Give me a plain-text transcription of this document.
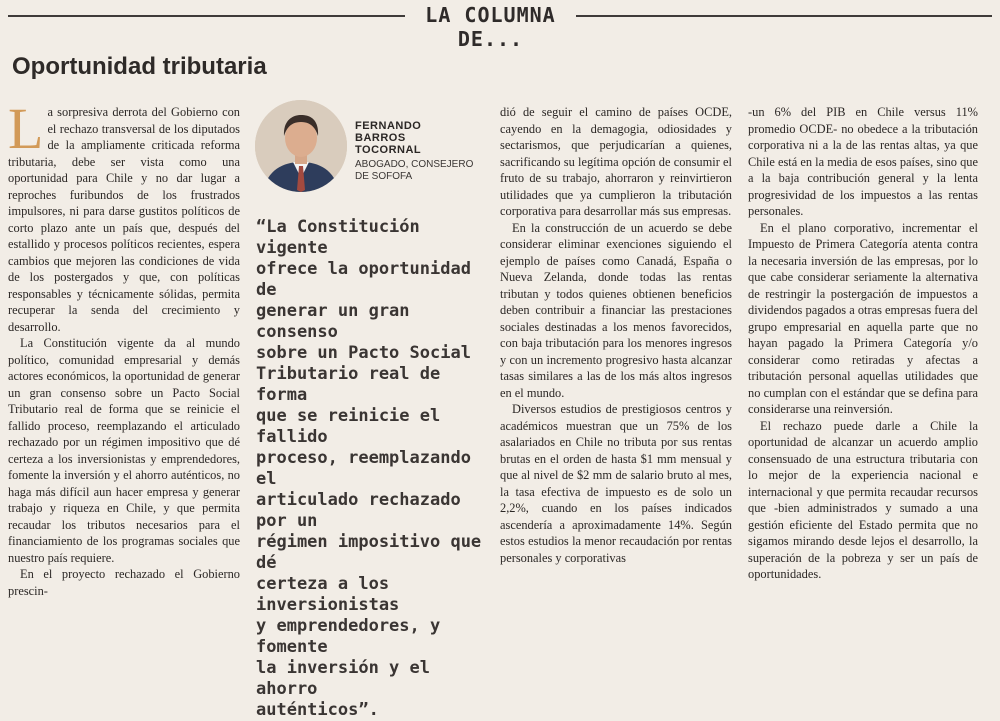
LA COLUMNA DE...
Oportunidad tributaria

La sorpresiva derrota del Gobierno con el rechazo transversal de los diputados de la ampliamente criticada reforma tributaria, debe ser vista como una oportunidad para Chile y no dar lugar a reproches furibundos de los frustrados impulsores, ni para darse gustitos políticos de corto plazo ante un país que, después del estallido y procesos políticos recientes, espera cambios que mejoren las condiciones de vida de los postergados y que, con políticas responsables y técnicamente sólidas, permita recuperar la senda del crecimiento y desarrollo.

La Constitución vigente da al mundo político, comunidad empresarial y demás actores económicos, la oportunidad de generar un gran consenso sobre un Pacto Social Tributario real de forma que se reinicie el fallido proceso, reemplazando el articulado rechazado por un régimen impositivo que dé certeza a los inversionistas y emprendedores, fomente la inversión y el ahorro auténticos, no haga más difícil aun hacer empresa y generar trabajo y riqueza en Chile, y que permita recaudar los tributos necesarios para el financiamiento de los programas sociales que nuestro país requiere.

En el proyecto rechazado el Gobierno prescin-

FERNANDO
BARROS
TOCORNAL
ABOGADO, CONSEJERO
DE SOFOFA
“La Constitución vigente
ofrece la oportunidad de
generar un gran consenso
sobre un Pacto Social
Tributario real de forma
que se reinicie el fallido
proceso, reemplazando el
articulado rechazado por un
régimen impositivo que dé
certeza a los inversionistas
y emprendedores, y fomente
la inversión y el ahorro
auténticos”.

dió de seguir el camino de países OCDE, cayendo en la demagogia, odiosidades y sectarismos, que perjudicarían a quienes, sacrificando su legítima opción de consumir el fruto de su trabajo, ahorraron y reinvirtieron utilidades que ya cumplieron la tributación corporativa para desarrollar más sus empresas.

En la construcción de un acuerdo se debe considerar eliminar exenciones siguiendo el ejemplo de países como Canadá, España o Nueva Zelanda, donde todas las rentas tributan y todos quienes obtienen beneficios deben contribuir a financiar las prestaciones sociales destinadas a los menos favorecidos, con baja tributación para los menores ingresos y con un incremento progresivo hasta alcanzar tasas similares a las de los más altos ingresos en el mundo.

Diversos estudios de prestigiosos centros y académicos muestran que un 75% de los asalariados en Chile no tributa por sus rentas brutas en el orden de hasta $1 mm mensual y que al nivel de $2 mm de salario bruto al mes, la tasa efectiva de impuesto es de solo un 2,2%, cuando en los países indicados ascendería a aproximadamente 14%. Según estos estudios la menor recaudación por rentas personales y corporativas

-un 6% del PIB en Chile versus 11% promedio OCDE- no obedece a la tributación corporativa ni a la de las rentas altas, ya que Chile está en la media de esos países, sino que a la baja contribución general y la lenta progresividad de los impuestos a las rentas personales.

En el plano corporativo, incrementar el Impuesto de Primera Categoría atenta contra la necesaria inversión de las empresas, por lo que cabe considerar seriamente la alternativa de restringir la postergación de impuestos a dividendos pagados a otras empresas fuera del grupo empresarial en aquella parte que no hayan pagado la Primera Categoría y/o considerar como retiradas y afectas a tributación personal aquellas utilidades que no cumplan con el estándar que se defina para considerarse una reinversión.

El rechazo puede darle a Chile la oportunidad de alcanzar un acuerdo amplio consensuado de una estructura tributaria con lo mejor de la experiencia nacional e internacional y que permita recaudar recursos que -bien administrados y sumado a una gestión eficiente del Estado permita que no sigamos mirando desde lejos el desarrollo, la superación de la pobreza y ser un país de oportunidades.
